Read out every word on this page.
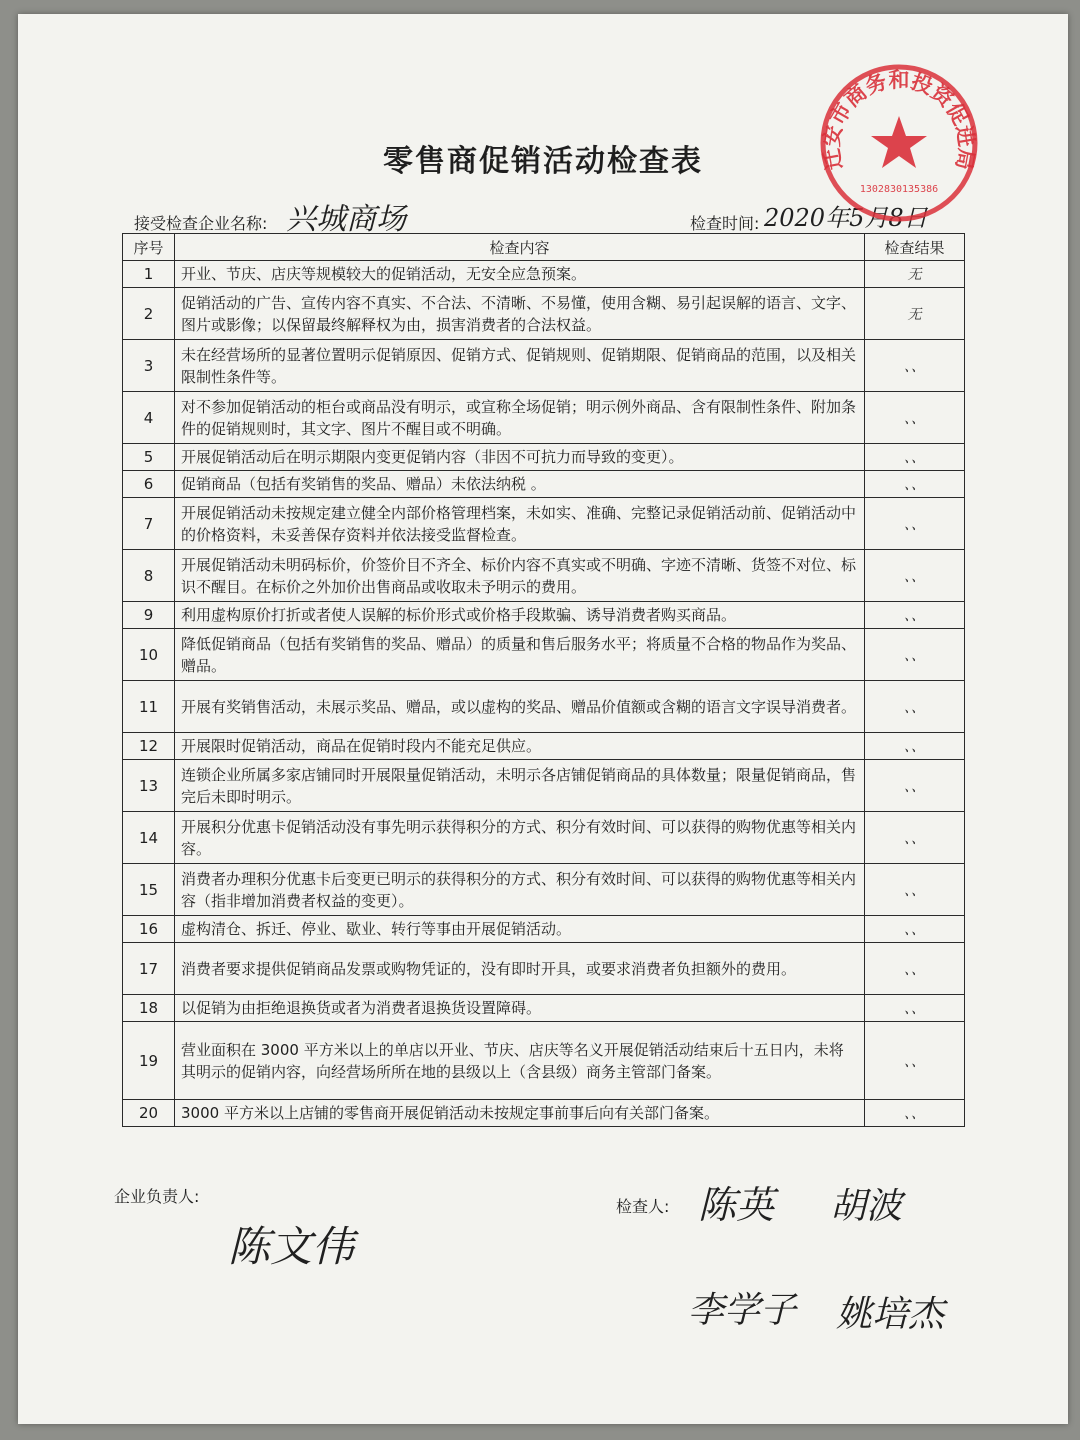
零售商促销活动检查表
接受检查企业名称: 兴城商场	检查时间: 2020年5月8日
序号	检查内容	检查结果
1	开业、节庆、店庆等规模较大的促销活动，无安全应急预案。	无
2	促销活动的广告、宣传内容不真实、不合法、不清晰、不易懂，使用含糊、易引起误解的语言、文字、图片或影像；以保留最终解释权为由，损害消费者的合法权益。	无
3	未在经营场所的显著位置明示促销原因、促销方式、促销规则、促销期限、促销商品的范围，以及相关限制性条件等。	、、
4	对不参加促销活动的柜台或商品没有明示，或宣称全场促销；明示例外商品、含有限制性条件、附加条件的促销规则时，其文字、图片不醒目或不明确。	、、
5	开展促销活动后在明示期限内变更促销内容（非因不可抗力而导致的变更）。	、、
6	促销商品（包括有奖销售的奖品、赠品）未依法纳税 。	、、
7	开展促销活动未按规定建立健全内部价格管理档案，未如实、准确、完整记录促销活动前、促销活动中的价格资料，未妥善保存资料并依法接受监督检查。	、、
8	开展促销活动未明码标价，价签价目不齐全、标价内容不真实或不明确、字迹不清晰、货签不对位、标识不醒目。在标价之外加价出售商品或收取未予明示的费用。	、、
9	利用虚构原价打折或者使人误解的标价形式或价格手段欺骗、诱导消费者购买商品。	、、
10	降低促销商品（包括有奖销售的奖品、赠品）的质量和售后服务水平；将质量不合格的物品作为奖品、赠品。	、、
11	开展有奖销售活动，未展示奖品、赠品，或以虚构的奖品、赠品价值额或含糊的语言文字误导消费者。	、、
12	开展限时促销活动，商品在促销时段内不能充足供应。	、、
13	连锁企业所属多家店铺同时开展限量促销活动，未明示各店铺促销商品的具体数量；限量促销商品，售完后未即时明示。	、、
14	开展积分优惠卡促销活动没有事先明示获得积分的方式、积分有效时间、可以获得的购物优惠等相关内容。	、、
15	消费者办理积分优惠卡后变更已明示的获得积分的方式、积分有效时间、可以获得的购物优惠等相关内容（指非增加消费者权益的变更）。	、、
16	虚构清仓、拆迁、停业、歇业、转行等事由开展促销活动。	、、
17	消费者要求提供促销商品发票或购物凭证的，没有即时开具，或要求消费者负担额外的费用。	、、
18	以促销为由拒绝退换货或者为消费者退换货设置障碍。	、、
19	营业面积在 3000 平方米以上的单店以开业、节庆、店庆等名义开展促销活动结束后十五日内，未将其明示的促销内容，向经营场所所在地的县级以上（含县级）商务主管部门备案。	、、
20	3000 平方米以上店铺的零售商开展促销活动未按规定事前事后向有关部门备案。	、、
迁安市商务和投资促进局
1302830135386
企业负责人:
陈文伟
检查人: 陈英 胡波
李学子 姚培杰
